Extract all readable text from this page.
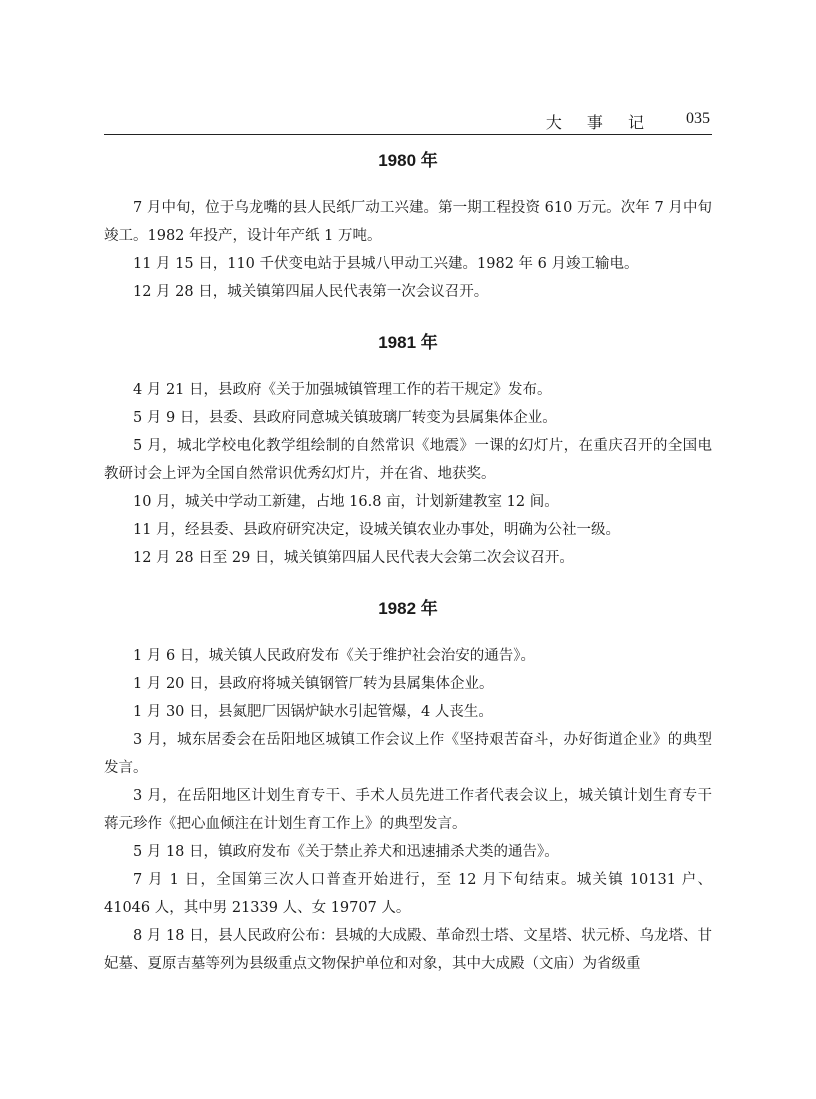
大 事 记 035
1980 年

7 月中旬，位于乌龙嘴的县人民纸厂动工兴建。第一期工程投资 610 万元。次年 7 月中旬竣工。1982 年投产，设计年产纸 1 万吨。

11 月 15 日，110 千伏变电站于县城八甲动工兴建。1982 年 6 月竣工输电。

12 月 28 日，城关镇第四届人民代表第一次会议召开。

1981 年

4 月 21 日，县政府《关于加强城镇管理工作的若干规定》发布。

5 月 9 日，县委、县政府同意城关镇玻璃厂转变为县属集体企业。

5 月，城北学校电化教学组绘制的自然常识《地震》一课的幻灯片，在重庆召开的全国电教研讨会上评为全国自然常识优秀幻灯片，并在省、地获奖。

10 月，城关中学动工新建，占地 16.8 亩，计划新建教室 12 间。

11 月，经县委、县政府研究决定，设城关镇农业办事处，明确为公社一级。

12 月 28 日至 29 日，城关镇第四届人民代表大会第二次会议召开。

1982 年

1 月 6 日，城关镇人民政府发布《关于维护社会治安的通告》。

1 月 20 日，县政府将城关镇钢管厂转为县属集体企业。

1 月 30 日，县氮肥厂因锅炉缺水引起管爆，4 人丧生。

3 月，城东居委会在岳阳地区城镇工作会议上作《坚持艰苦奋斗，办好街道企业》的典型发言。

3 月，在岳阳地区计划生育专干、手术人员先进工作者代表会议上，城关镇计划生育专干蒋元珍作《把心血倾注在计划生育工作上》的典型发言。

5 月 18 日，镇政府发布《关于禁止养犬和迅速捕杀犬类的通告》。

7 月 1 日，全国第三次人口普查开始进行，至 12 月下旬结束。城关镇 10131 户、41046 人，其中男 21339 人、女 19707 人。

8 月 18 日，县人民政府公布：县城的大成殿、革命烈士塔、文星塔、状元桥、乌龙塔、甘妃墓、夏原吉墓等列为县级重点文物保护单位和对象，其中大成殿（文庙）为省级重
